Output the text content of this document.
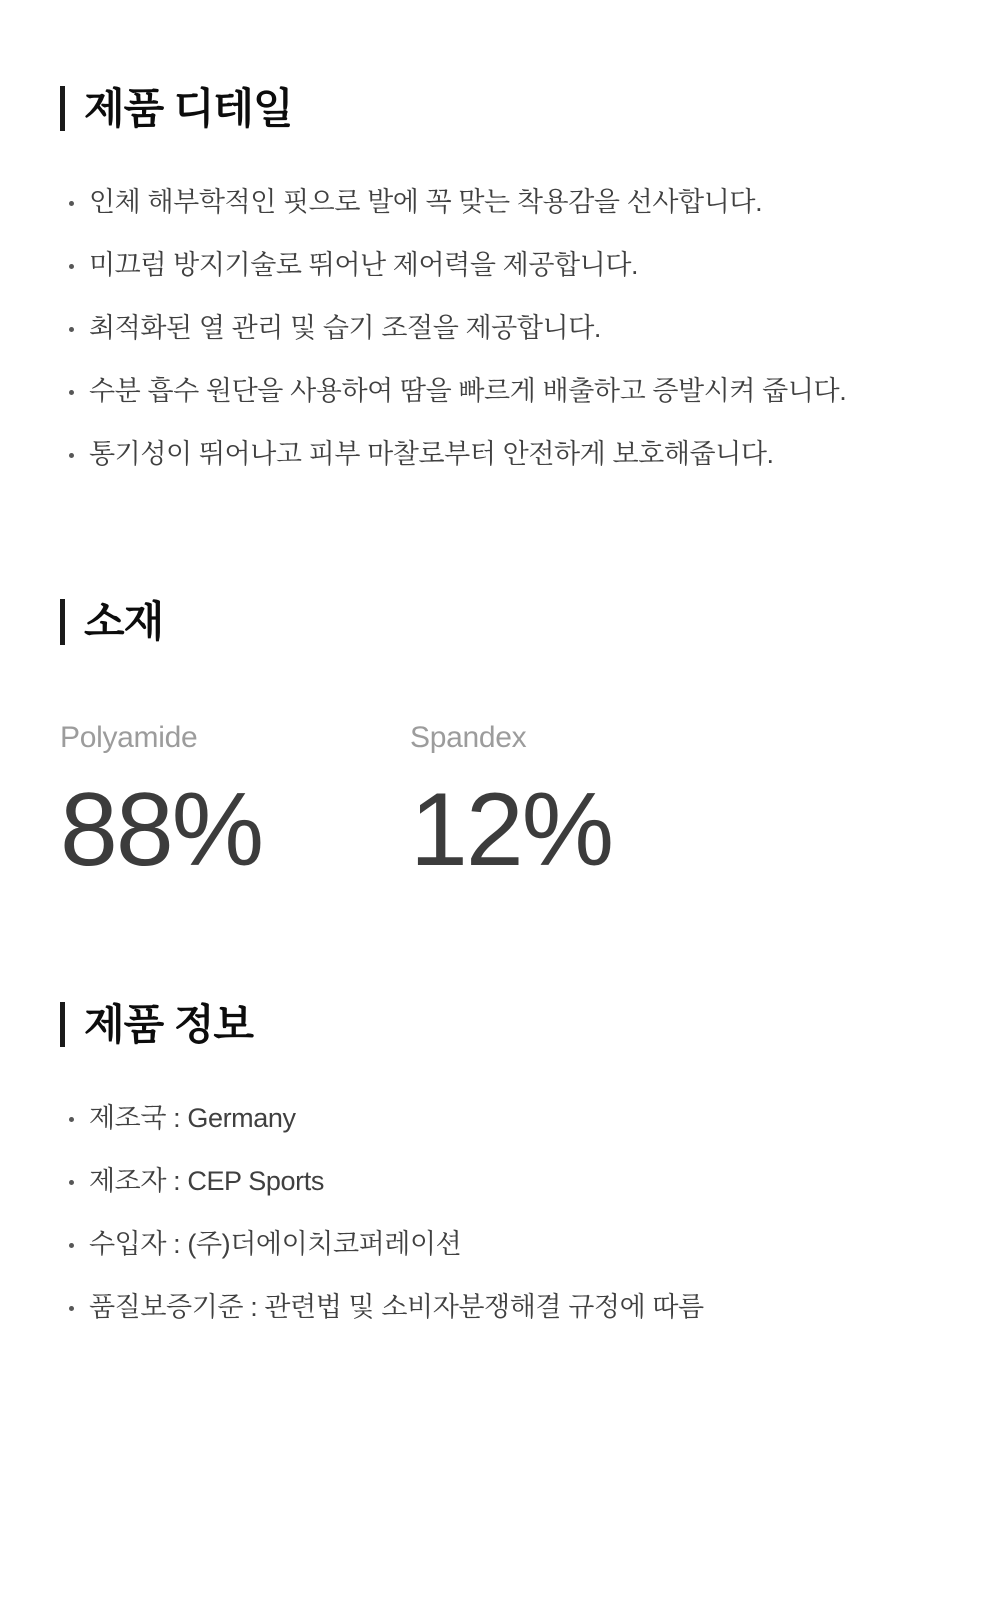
제품 디테일
인체 해부학적인 핏으로 발에 꼭 맞는 착용감을 선사합니다.
미끄럼 방지기술로 뛰어난 제어력을 제공합니다.
최적화된 열 관리 및 습기 조절을 제공합니다.
수분 흡수 원단을 사용하여 땀을 빠르게 배출하고 증발시켜 줍니다.
통기성이 뛰어나고 피부 마찰로부터 안전하게 보호해줍니다.
소재
Polyamide
88%
Spandex
12%
제품 정보
제조국 : Germany
제조자 : CEP Sports
수입자 : (주)더에이치코퍼레이션
품질보증기준 : 관련법 및 소비자분쟁해결 규정에 따름
